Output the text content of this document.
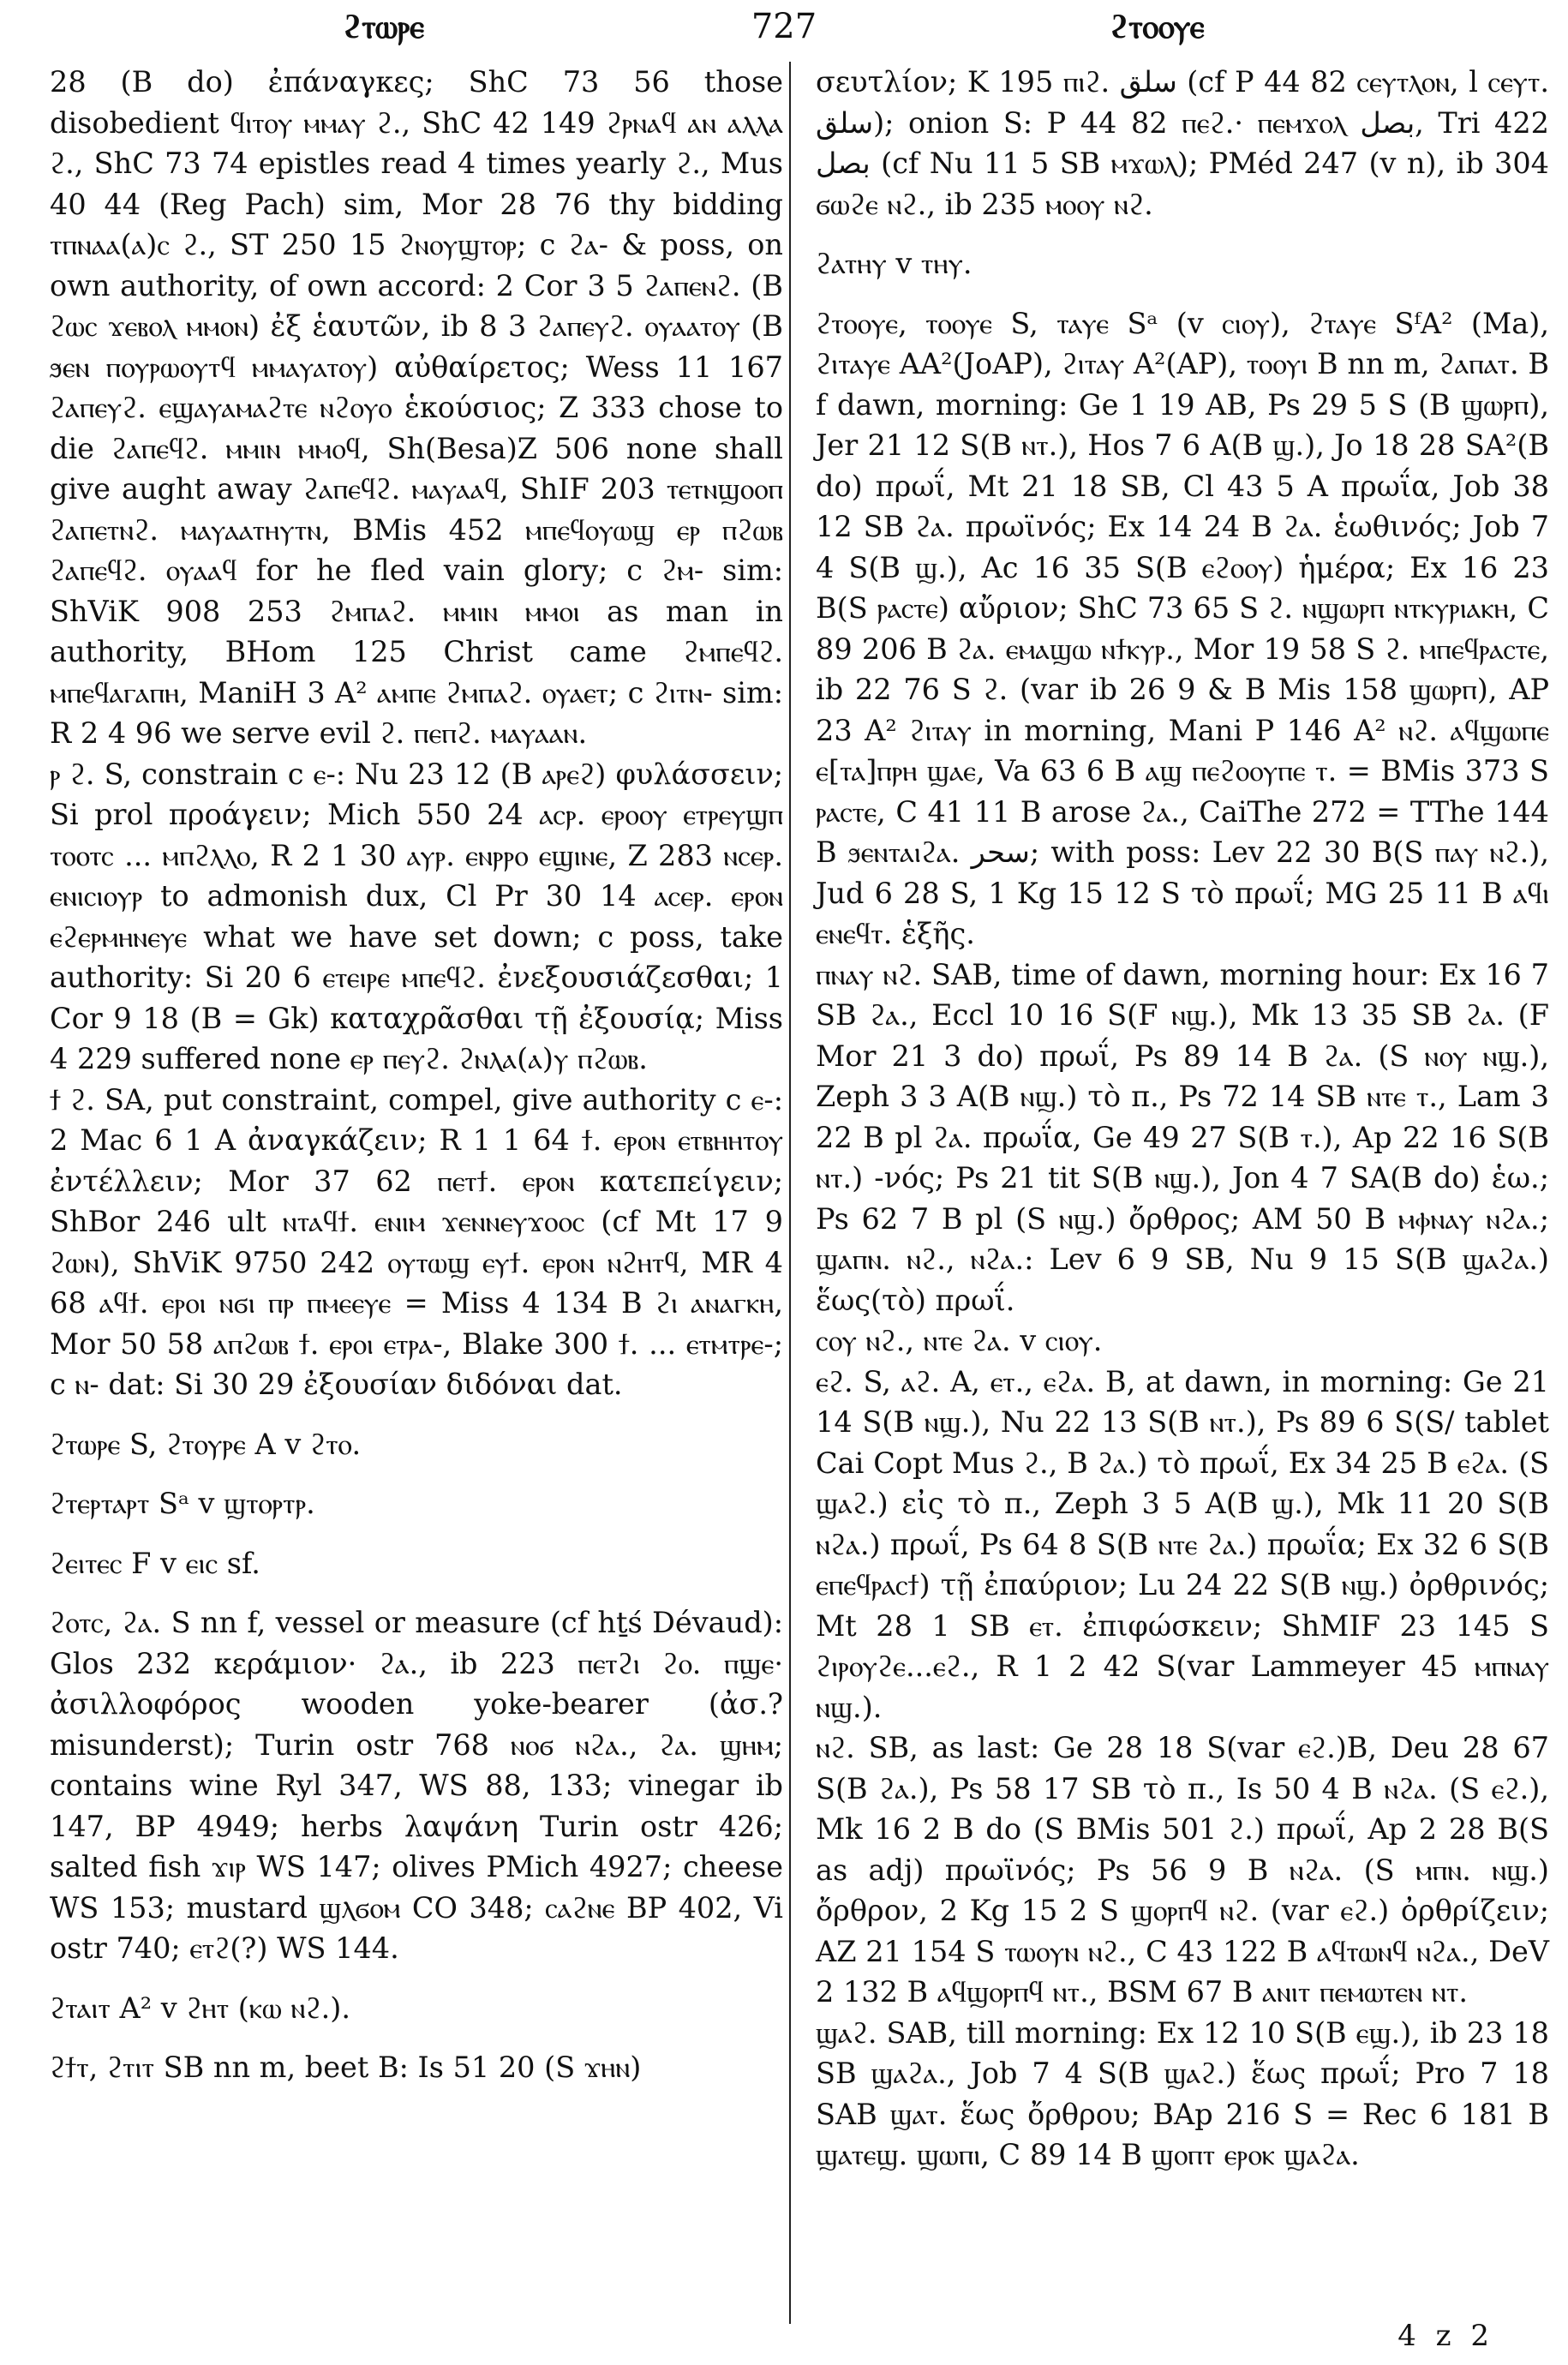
ϩⲧⲱⲣⲉ	727	ϩⲧⲟⲟⲩⲉ

28 (B do) ἐπάναγκες; ShC 73 56 those disobedient ϥⲓⲧⲟⲩ ⲙⲙⲁⲩ ϩ., ShC 42 149 ϩⲣⲛⲁϥ ⲁⲛ ⲁⲗⲗⲁ ϩ., ShC 73 74 epistles read 4 times yearly ϩ., Mus 40 44 (Reg Pach) sim, Mor 28 76 thy bidding ⲧⲡⲛⲁⲁ(ⲁ)ⲥ ϩ., ST 250 15 ϩⲛⲟⲩϣⲧⲟⲣ; c ϩⲁ- & poss, on own authority, of own accord: 2 Cor 3 5 ϩⲁⲡⲉⲛϩ. (B ϩⲱⲥ ϫⲉⲃⲟⲗ ⲙⲙⲟⲛ) ἐξ ἑαυτῶν, ib 8 3 ϩⲁⲡⲉⲩϩ. ⲟⲩⲁⲁⲧⲟⲩ (B ϧⲉⲛ ⲡⲟⲩⲣⲱⲟⲩⲧϥ ⲙⲙⲁⲩⲁⲧⲟⲩ) αὐθαίρετος; Wess 11 167 ϩⲁⲡⲉⲩϩ. ⲉϣⲁⲩⲁⲙⲁϩⲧⲉ ⲛϩⲟⲩⲟ ἑκούσιος; Z 333 chose to die ϩⲁⲡⲉϥϩ. ⲙⲙⲓⲛ ⲙⲙⲟϥ, Sh(Besa)Z 506 none shall give aught away ϩⲁⲡⲉϥϩ. ⲙⲁⲩⲁⲁϥ, ShIF 203 ⲧⲉⲧⲛϣⲟⲟⲡ ϩⲁⲡⲉⲧⲛϩ. ⲙⲁⲩⲁⲁⲧⲏⲩⲧⲛ, BMis 452 ⲙⲡⲉϥⲟⲩⲱϣ ⲉⲣ ⲡϩⲱⲃ ϩⲁⲡⲉϥϩ. ⲟⲩⲁⲁϥ for he fled vain glory; c ϩⲙ- sim: ShViK 908 253 ϩⲙⲡⲁϩ. ⲙⲙⲓⲛ ⲙⲙⲟⲓ as man in authority, BHom 125 Christ came ϩⲙⲡⲉϥϩ. ⲙⲡⲉϥⲁⲅⲁⲡⲏ, ManiH 3 A² ⲁⲙⲡⲉ ϩⲙⲡⲁϩ. ⲟⲩⲁⲉⲧ; c ϩⲓⲧⲛ- sim: R 2 4 96 we serve evil ϩ. ⲡⲉⲡϩ. ⲙⲁⲩⲁⲁⲛ.

ⲣ ϩ. S, constrain c ⲉ-: Nu 23 12 (B ⲁⲣⲉϩ) φυλάσσειν; Si prol προάγειν; Mich 550 24 ⲁⲥⲣ. ⲉⲣⲟⲟⲩ ⲉⲧⲣⲉⲩϣⲡ ⲧⲟⲟⲧⲥ ... ⲙⲡϩⲗⲗⲟ, R 2 1 30 ⲁⲩⲣ. ⲉⲛⲣⲣⲟ ⲉϣⲓⲛⲉ, Z 283 ⲛⲥⲉⲣ. ⲉⲛⲓⲥⲓⲟⲩⲣ to admonish dux, Cl Pr 30 14 ⲁⲥⲉⲣ. ⲉⲣⲟⲛ ⲉϩⲉⲣⲙⲏⲛⲉⲩⲉ what we have set down; c poss, take authority: Si 20 6 ⲉⲧⲉⲓⲣⲉ ⲙⲡⲉϥϩ. ἐνεξουσιάζεσθαι; 1 Cor 9 18 (B = Gk) καταχρᾶσθαι τῇ ἐξουσίᾳ; Miss 4 229 suffered none ⲉⲣ ⲡⲉⲩϩ. ϩⲛⲗⲁ(ⲁ)ⲩ ⲡϩⲱⲃ.

ϯ ϩ. SA, put constraint, compel, give authority c ⲉ-: 2 Mac 6 1 A ἀναγκάζειν; R 1 1 64 ϯ. ⲉⲣⲟⲛ ⲉⲧⲃⲏⲏⲧⲟⲩ ἐντέλλειν; Mor 37 62 ⲡⲉⲧϯ. ⲉⲣⲟⲛ κατεπείγειν; ShBor 246 ult ⲛⲧⲁϥϯ. ⲉⲛⲓⲙ ϫⲉⲛⲛⲉⲩϫⲟⲟⲥ (cf Mt 17 9 ϩⲱⲛ), ShViK 9750 242 ⲟⲩⲧⲱϣ ⲉⲩϯ. ⲉⲣⲟⲛ ⲛϩⲏⲧϥ, MR 4 68 ⲁϥϯ. ⲉⲣⲟⲓ ⲛϭⲓ ⲡⲣ ⲡⲙⲉⲉⲩⲉ = Miss 4 134 B ϩⲓ ⲁⲛⲁⲅⲕⲏ, Mor 50 58 ⲁⲡϩⲱⲃ ϯ. ⲉⲣⲟⲓ ⲉⲧⲣⲁ-, Blake 300 ϯ. ... ⲉⲧⲙⲧⲣⲉ-; c ⲛ- dat: Si 30 29 ἐξουσίαν διδόναι dat.

ϩⲧⲱⲣⲉ S, ϩⲧⲟⲩⲣⲉ A v ϩⲧⲟ.

ϩⲧⲉⲣⲧⲁⲣⲧ Sᵃ v ϣⲧⲟⲣⲧⲣ.

ϩⲉⲓⲧⲉⲥ F v ⲉⲓⲥ sf.

ϩⲟⲧⲥ, ϩⲁ. S nn f, vessel or measure (cf hṯś Dévaud): Glos 232 κεράμιον· ϩⲁ., ib 223 ⲡⲉⲧϩⲓ ϩⲟ. ⲡϣⲉ· ἀσιλλοφόρος wooden yoke-bearer (ἀσ.? misunderst); Turin ostr 768 ⲛⲟϭ ⲛϩⲁ., ϩⲁ. ϣⲏⲙ; contains wine Ryl 347, WS 88, 133; vinegar ib 147, BP 4949; herbs λαψάνη Turin ostr 426; salted fish ϫⲓⲣ WS 147; olives PMich 4927; cheese WS 153; mustard ϣⲗϭⲟⲙ CO 348; ⲥⲁϩⲛⲉ BP 402, Vi ostr 740; ⲉⲧϩ(?) WS 144.

ϩⲧⲁⲓⲧ A² v ϩⲏⲧ (ⲕⲱ ⲛϩ.).

ϩϯⲧ, ϩⲧⲓⲧ SB nn m, beet B: Is 51 20 (S ϫⲏⲛ)

σευτλίον; K 195 ⲡⲓϩ. سلق (cf P 44 82 ⲥⲉⲩⲧⲗⲟⲛ, l ⲥⲉⲩⲧ. سلق); onion S: P 44 82 ⲡⲉϩ.· ⲡⲉⲙϫⲟⲗ بصل, Tri 422 بصل (cf Nu 11 5 SB ⲙϫⲱⲗ); PMéd 247 (v n), ib 304 ϭⲱϩⲉ ⲛϩ., ib 235 ⲙⲟⲟⲩ ⲛϩ.

ϩⲁⲧⲏⲩ v ⲧⲏⲩ.

ϩⲧⲟⲟⲩⲉ, ⲧⲟⲟⲩⲉ S, ⲧⲁⲩⲉ Sᵃ (v ⲥⲓⲟⲩ), ϩⲧⲁⲩⲉ SᶠA² (Ma), ϩⲓⲧⲁⲩⲉ AA²(JoAP), ϩⲓⲧⲁⲩ A²(AP), ⲧⲟⲟⲩⲓ B nn m, ϩⲁⲡⲁⲧ. B f dawn, morning: Ge 1 19 AB, Ps 29 5 S (B ϣⲱⲣⲡ), Jer 21 12 S(B ⲛⲧ.), Hos 7 6 A(B ϣ.), Jo 18 28 SA²(B do) πρωΐ, Mt 21 18 SB, Cl 43 5 A πρωΐα, Job 38 12 SB ϩⲁ. πρωϊνός; Ex 14 24 B ϩⲁ. ἑωθινός; Job 7 4 S(B ϣ.), Ac 16 35 S(B ⲉϩⲟⲟⲩ) ἡμέρα; Ex 16 23 B(S ⲣⲁⲥⲧⲉ) αὔριον; ShC 73 65 S ϩ. ⲛϣⲱⲣⲡ ⲛⲧⲕⲩⲣⲓⲁⲕⲏ, C 89 206 B ϩⲁ. ⲉⲙⲁϣⲱ ⲛϯⲕⲩⲣ., Mor 19 58 S ϩ. ⲙⲡⲉϥⲣⲁⲥⲧⲉ, ib 22 76 S ϩ. (var ib 26 9 & B Mis 158 ϣⲱⲣⲡ), AP 23 A² ϩⲓⲧⲁⲩ in morning, Mani P 146 A² ⲛϩ. ⲁϥϣⲱⲡⲉ ⲉ[ⲧⲁ]ⲡⲣⲏ ϣⲁⲉ, Va 63 6 B ⲁϣ ⲡⲉϩⲟⲟⲩⲡⲉ ⲧ. = BMis 373 S ⲣⲁⲥⲧⲉ, C 41 11 B arose ϩⲁ., CaiThe 272 = TThe 144 B ϧⲉⲛⲧⲁⲓϩⲁ. سحر; with poss: Lev 22 30 B(S ⲡⲁⲩ ⲛϩ.), Jud 6 28 S, 1 Kg 15 12 S τὸ πρωΐ; MG 25 11 B ⲁϥⲓ ⲉⲛⲉϥⲧ. ἑξῆς.

ⲡⲛⲁⲩ ⲛϩ. SAB, time of dawn, morning hour: Ex 16 7 SB ϩⲁ., Eccl 10 16 S(F ⲛϣ.), Mk 13 35 SB ϩⲁ. (F Mor 21 3 do) πρωΐ, Ps 89 14 B ϩⲁ. (S ⲛⲟⲩ ⲛϣ.), Zeph 3 3 A(B ⲛϣ.) τὸ π., Ps 72 14 SB ⲛⲧⲉ ⲧ., Lam 3 22 B pl ϩⲁ. πρωΐα, Ge 49 27 S(B ⲧ.), Ap 22 16 S(B ⲛⲧ.) -νός; Ps 21 tit S(B ⲛϣ.), Jon 4 7 SA(B do) ἑω.; Ps 62 7 B pl (S ⲛϣ.) ὄρθρος; AM 50 B ⲙⲫⲛⲁⲩ ⲛϩⲁ.; ϣⲁⲡⲛ. ⲛϩ., ⲛϩⲁ.: Lev 6 9 SB, Nu 9 15 S(B ϣⲁϩⲁ.) ἕως(τὸ) πρωΐ.

ⲥⲟⲩ ⲛϩ., ⲛⲧⲉ ϩⲁ. v ⲥⲓⲟⲩ.

ⲉϩ. S, ⲁϩ. A, ⲉⲧ., ⲉϩⲁ. B, at dawn, in morning: Ge 21 14 S(B ⲛϣ.), Nu 22 13 S(B ⲛⲧ.), Ps 89 6 S(S/ tablet Cai Copt Mus ϩ., B ϩⲁ.) τὸ πρωΐ, Ex 34 25 B ⲉϩⲁ. (S ϣⲁϩ.) εἰς τὸ π., Zeph 3 5 A(B ϣ.), Mk 11 20 S(B ⲛϩⲁ.) πρωΐ, Ps 64 8 S(B ⲛⲧⲉ ϩⲁ.) πρωΐα; Ex 32 6 S(B ⲉⲡⲉϥⲣⲁⲥϯ) τῇ ἐπαύριον; Lu 24 22 S(B ⲛϣ.) ὀρθρινός; Mt 28 1 SB ⲉⲧ. ἐπιφώσκειν; ShMIF 23 145 S ϩⲓⲣⲟⲩϩⲉ...ⲉϩ., R 1 2 42 S(var Lammeyer 45 ⲙⲡⲛⲁⲩ ⲛϣ.).

ⲛϩ. SB, as last: Ge 28 18 S(var ⲉϩ.)B, Deu 28 67 S(B ϩⲁ.), Ps 58 17 SB τὸ π., Is 50 4 B ⲛϩⲁ. (S ⲉϩ.), Mk 16 2 B do (S BMis 501 ϩ.) πρωΐ, Ap 2 28 B(S as adj) πρωϊνός; Ps 56 9 B ⲛϩⲁ. (S ⲙⲡⲛ. ⲛϣ.) ὄρθρον, 2 Kg 15 2 S ϣⲟⲣⲡϥ ⲛϩ. (var ⲉϩ.) ὀρθρίζειν; AZ 21 154 S ⲧⲱⲟⲩⲛ ⲛϩ., C 43 122 B ⲁϥⲧⲱⲛϥ ⲛϩⲁ., DeV 2 132 B ⲁϥϣⲟⲣⲡϥ ⲛⲧ., BSM 67 B ⲁⲛⲓⲧ ⲡⲉⲙⲱⲧⲉⲛ ⲛⲧ.

ϣⲁϩ. SAB, till morning: Ex 12 10 S(B ⲉϣ.), ib 23 18 SB ϣⲁϩⲁ., Job 7 4 S(B ϣⲁϩ.) ἕως πρωΐ; Pro 7 18 SAB ϣⲁⲧ. ἕως ὄρθρου; BAp 216 S = Rec 6 181 B ϣⲁⲧⲉϣ. ϣⲱⲡⲓ, C 89 14 B ϣⲟⲡⲧ ⲉⲣⲟⲕ ϣⲁϩⲁ.

4 z 2
